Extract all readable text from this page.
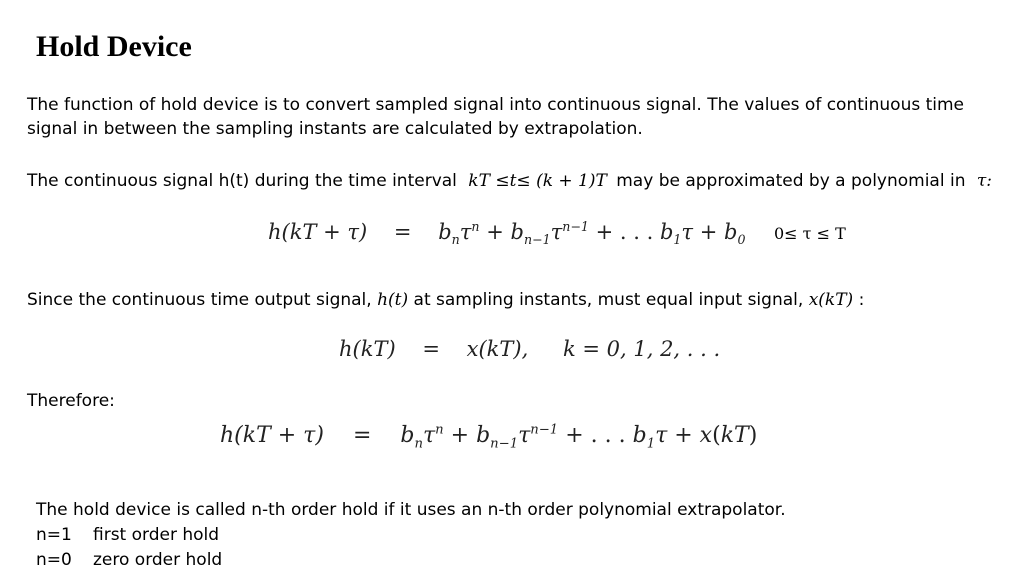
Hold Device
The function of hold device is to convert sampled signal into continuous signal. The values of continuous time
signal in between the sampling instants are calculated by extrapolation.
The continuous signal h(t) during the time interval kT ≤t≤ (k + 1)T may be approximated by a polynomial in τ:
$h(kT + \tau) = b_n\tau^n + b_{n-1}\tau^{n-1}$ + . . . $b_1\tau + b_0$ 0≤ τ ≤ T
Since the continuous time output signal, h(t) at sampling instants, must equal input signal, x(kT) :
h(kT) = x(kT), k = 0, 1, 2, . . .
Therefore:
$h(kT + \tau) = b_n\tau^n + b_{n-1}\tau^{n-1}$ + . . . $b_1\tau + x(kT)$
The hold device is called n-th order hold if it uses an n-th order polynomial extrapolator.
n=1 first order hold
n=0 zero order hold
